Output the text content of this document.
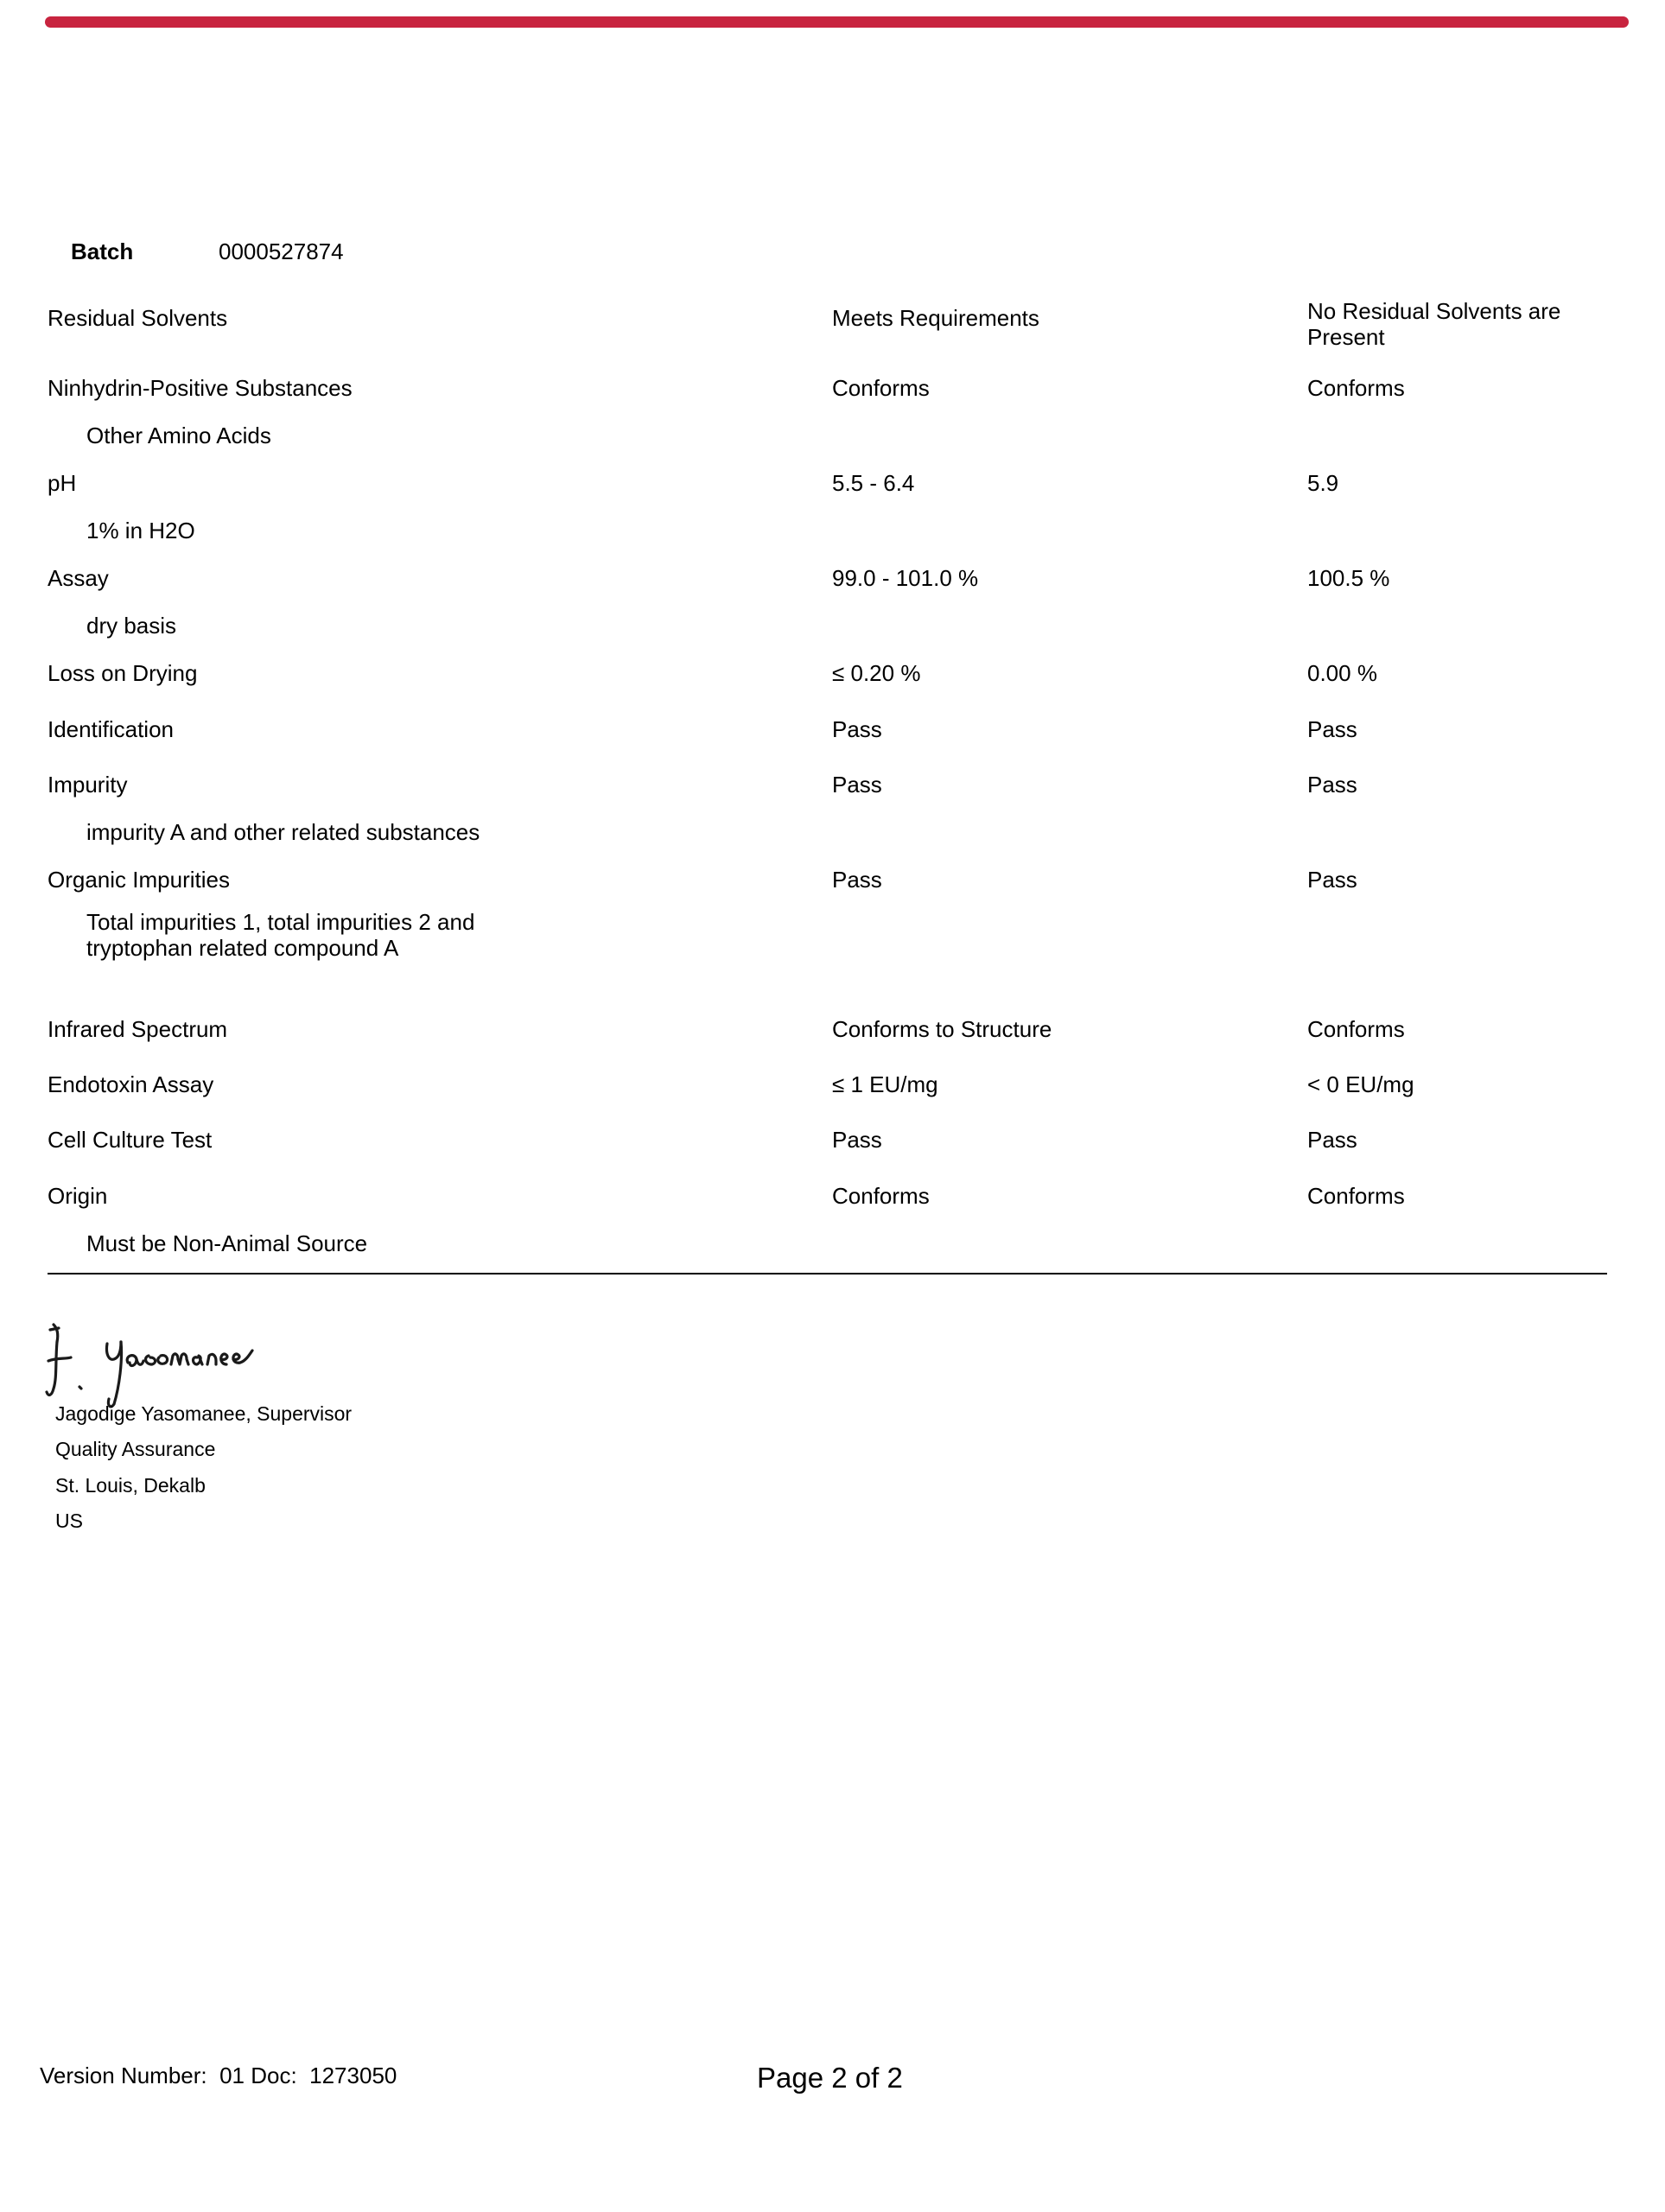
Batch	0000527874
Residual Solvents	Meets Requirements	No Residual Solvents are Present
Ninhydrin-Positive Substances	Conforms	Conforms
Other Amino Acids
pH	5.5 - 6.4	5.9
1% in H2O
Assay	99.0 - 101.0 %	100.5 %
dry basis
Loss on Drying	≤ 0.20 %	0.00 %
Identification	Pass	Pass
Impurity	Pass	Pass
impurity A and other related substances
Organic Impurities	Pass	Pass
Total impurities 1, total impurities 2 and tryptophan related compound A
Infrared Spectrum	Conforms to Structure	Conforms
Endotoxin Assay	≤ 1 EU/mg	< 0 EU/mg
Cell Culture Test	Pass	Pass
Origin	Conforms	Conforms
Must be Non-Animal Source
Jagodige Yasomanee, Supervisor
Quality Assurance
St. Louis, Dekalb
US
Version Number:  01 Doc:  1273050	Page 2 of 2
